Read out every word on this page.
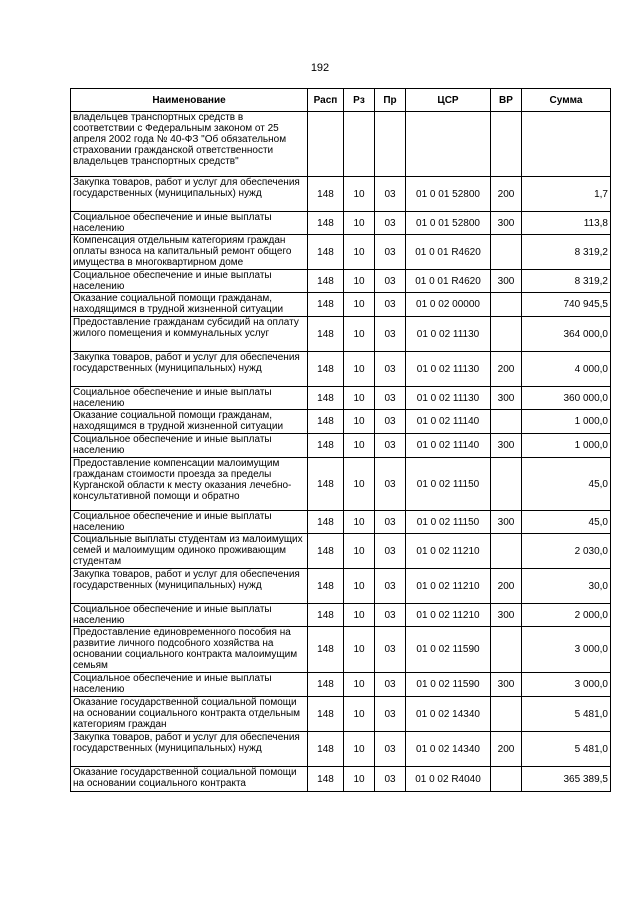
192
Наименование	Расп	Рз	Пр	ЦСР	ВР	Сумма
владельцев транспортных средств в соответствии с Федеральным законом от 25 апреля 2002 года № 40-ФЗ "Об обязательном страховании гражданской ответственности владельцев транспортных средств"						
Закупка товаров, работ и услуг для обеспечения государственных (муниципальных) нужд	148	10	03	01 0 01 52800	200	1,7
Социальное обеспечение и иные выплаты населению	148	10	03	01 0 01 52800	300	113,8
Компенсация отдельным категориям граждан оплаты взноса на капитальный ремонт общего имущества в многоквартирном доме	148	10	03	01 0 01 R4620		8 319,2
Социальное обеспечение и иные выплаты населению	148	10	03	01 0 01 R4620	300	8 319,2
Оказание социальной помощи гражданам, находящимся в трудной жизненной ситуации	148	10	03	01 0 02 00000		740 945,5
Предоставление гражданам субсидий на оплату жилого помещения и коммунальных услуг	148	10	03	01 0 02 11130		364 000,0
Закупка товаров, работ и услуг для обеспечения государственных (муниципальных) нужд	148	10	03	01 0 02 11130	200	4 000,0
Социальное обеспечение и иные выплаты населению	148	10	03	01 0 02 11130	300	360 000,0
Оказание социальной помощи гражданам, находящимся в трудной жизненной ситуации	148	10	03	01 0 02 11140		1 000,0
Социальное обеспечение и иные выплаты населению	148	10	03	01 0 02 11140	300	1 000,0
Предоставление компенсации малоимущим гражданам стоимости проезда за пределы Курганской области к месту оказания лечебно-консультативной помощи и обратно	148	10	03	01 0 02 11150		45,0
Социальное обеспечение и иные выплаты населению	148	10	03	01 0 02 11150	300	45,0
Социальные выплаты студентам из малоимущих семей и малоимущим одиноко проживающим студентам	148	10	03	01 0 02 11210		2 030,0
Закупка товаров, работ и услуг для обеспечения государственных (муниципальных) нужд	148	10	03	01 0 02 11210	200	30,0
Социальное обеспечение и иные выплаты населению	148	10	03	01 0 02 11210	300	2 000,0
Предоставление единовременного пособия на развитие личного подсобного хозяйства на основании социального контракта малоимущим семьям	148	10	03	01 0 02 11590		3 000,0
Социальное обеспечение и иные выплаты населению	148	10	03	01 0 02 11590	300	3 000,0
Оказание государственной социальной помощи на основании социального контракта отдельным категориям граждан	148	10	03	01 0 02 14340		5 481,0
Закупка товаров, работ и услуг для обеспечения государственных (муниципальных) нужд	148	10	03	01 0 02 14340	200	5 481,0
Оказание государственной социальной помощи на основании социального контракта	148	10	03	01 0 02 R4040		365 389,5
